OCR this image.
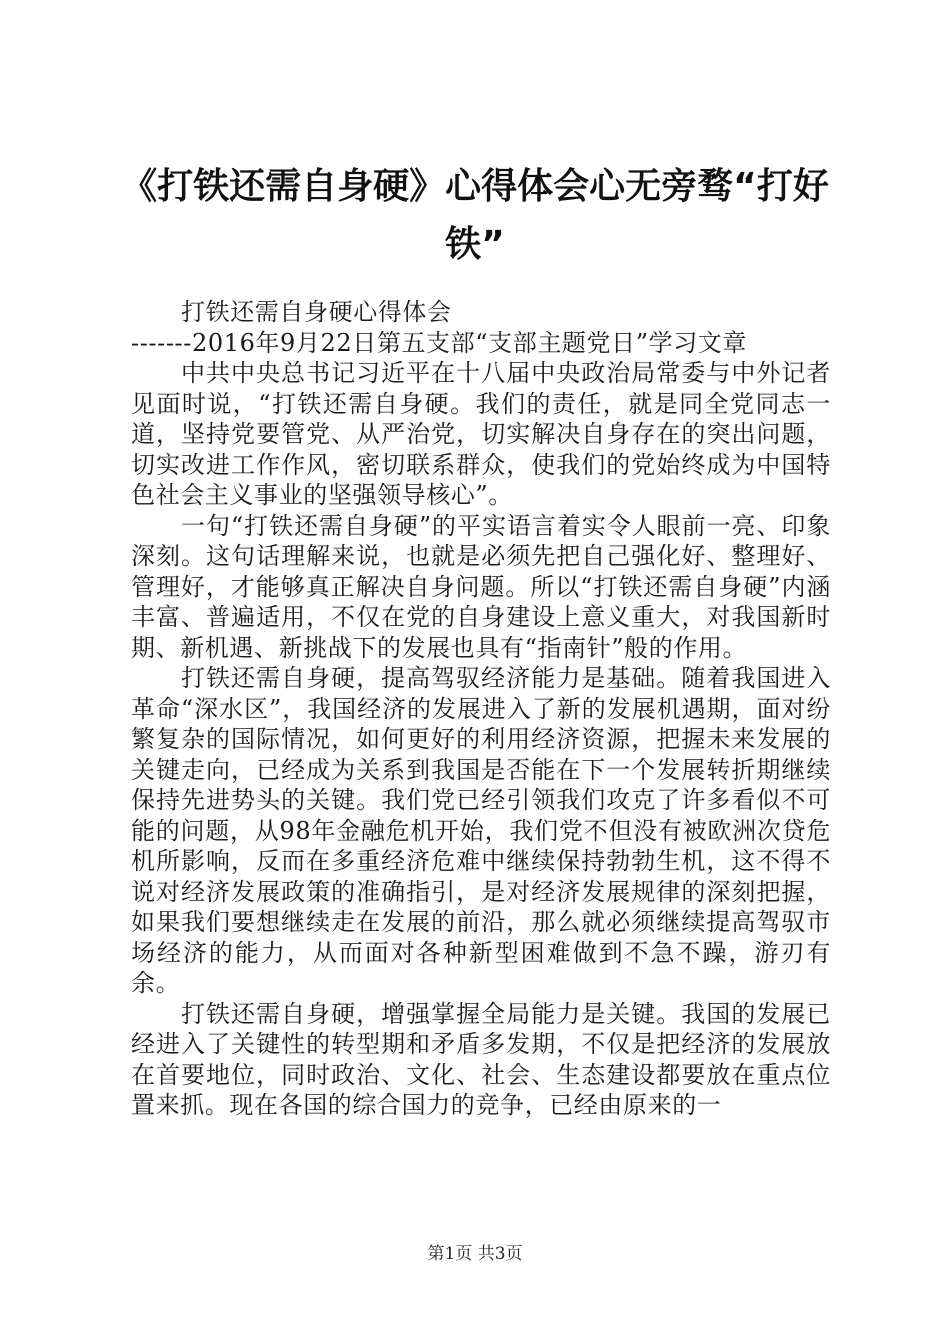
《打铁还需自身硬》心得体会心无旁骛“打好铁”

打铁还需自身硬心得体会

-------2016年9月22日第五支部“支部主题党日”学习文章

中共中央总书记习近平在十八届中央政治局常委与中外记者见面时说，“打铁还需自身硬。我们的责任，就是同全党同志一道，坚持党要管党、从严治党，切实解决自身存在的突出问题，切实改进工作作风，密切联系群众，使我们的党始终成为中国特色社会主义事业的坚强领导核心”。

一句“打铁还需自身硬”的平实语言着实令人眼前一亮、印象深刻。这句话理解来说，也就是必须先把自己强化好、整理好、管理好，才能够真正解决自身问题。所以“打铁还需自身硬”内涵丰富、普遍适用，不仅在党的自身建设上意义重大，对我国新时期、新机遇、新挑战下的发展也具有“指南针”般的作用。

打铁还需自身硬，提高驾驭经济能力是基础。随着我国进入革命“深水区”，我国经济的发展进入了新的发展机遇期，面对纷繁复杂的国际情况，如何更好的利用经济资源，把握未来发展的关键走向，已经成为关系到我国是否能在下一个发展转折期继续保持先进势头的关键。我们党已经引领我们攻克了许多看似不可能的问题，从98年金融危机开始，我们党不但没有被欧洲次贷危机所影响，反而在多重经济危难中继续保持勃勃生机，这不得不说对经济发展政策的准确指引，是对经济发展规律的深刻把握，如果我们要想继续走在发展的前沿，那么就必须继续提高驾驭市场经济的能力，从而面对各种新型困难做到不急不躁，游刃有余。

打铁还需自身硬，增强掌握全局能力是关键。我国的发展已经进入了关键性的转型期和矛盾多发期，不仅是把经济的发展放在首要地位，同时政治、文化、社会、生态建设都要放在重点位置来抓。现在各国的综合国力的竞争，已经由原来的一

第1页 共3页
